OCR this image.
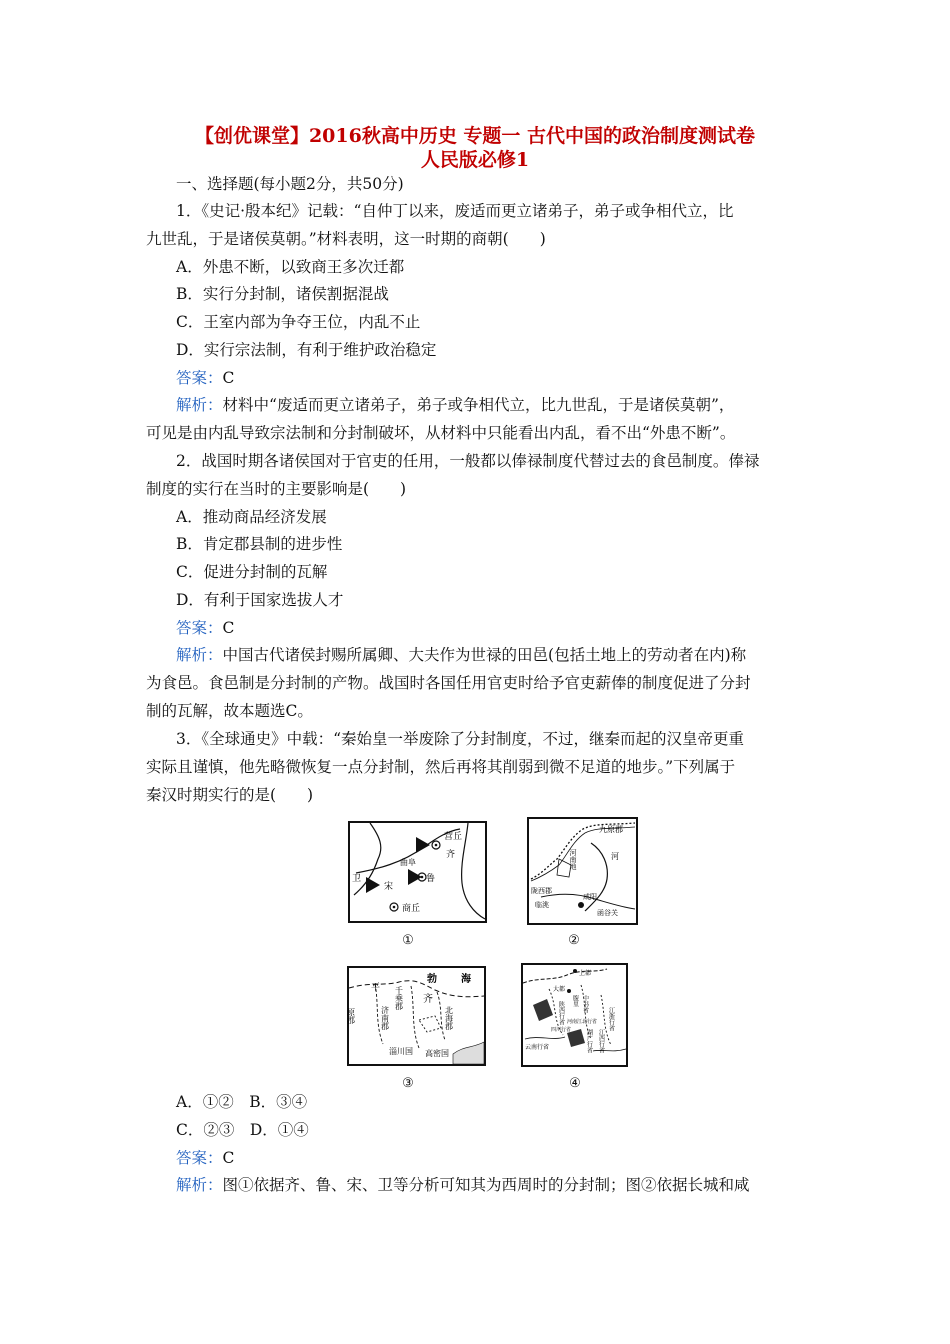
【创优课堂】2016秋高中历史 专题一 古代中国的政治制度测试卷
人民版必修1
一、选择题(每小题2分，共50分)
1．《史记·殷本纪》记载：“自仲丁以来，废适而更立诸弟子，弟子或争相代立，比
九世乱，于是诸侯莫朝。”材料表明，这一时期的商朝(　　)
A．外患不断，以致商王多次迁都
B．实行分封制，诸侯割据混战
C．王室内部为争夺王位，内乱不止
D．实行宗法制，有利于维护政治稳定
答案：C
解析：材料中“废适而更立诸弟子，弟子或争相代立，比九世乱，于是诸侯莫朝”，
可见是由内乱导致宗法制和分封制破坏，从材料中只能看出内乱，看不出“外患不断”。
2．战国时期各诸侯国对于官吏的任用，一般都以俸禄制度代替过去的食邑制度。俸禄
制度的实行在当时的主要影响是(　　)
A．推动商品经济发展
B．肯定郡县制的进步性
C．促进分封制的瓦解
D．有利于国家选拔人才
答案：C
解析：中国古代诸侯封赐所属卿、大夫作为世禄的田邑(包括土地上的劳动者在内)称
为食邑。食邑制是分封制的产物。战国时各国任用官吏时给予官吏薪俸的制度促进了分封
制的瓦解，故本题选C。
3．《全球通史》中载：“秦始皇一举废除了分封制度，不过，继秦而起的汉皇帝更重
实际且谨慎，他先略微恢复一点分封制，然后再将其削弱到微不足道的地步。”下列属于
秦汉时期实行的是(　　)
营丘
齐
曲阜
鲁
卫
宋
商丘
①
九原郡
河南地	河
陇西郡
咸阳
临洮
函谷关
②
勃 海
平 千乘郡
原郡	济南郡
齐
北海郡
淄川国 高密国
③
上都
大都
腹里
陕西行省	中书省
河南江北行省
四川行省	江浙行省
湖广行省 江西行省
云南行省
④
A．①②　B．③④
C．②③　D．①④
答案：C
解析：图①依据齐、鲁、宋、卫等分析可知其为西周时的分封制；图②依据长城和咸
